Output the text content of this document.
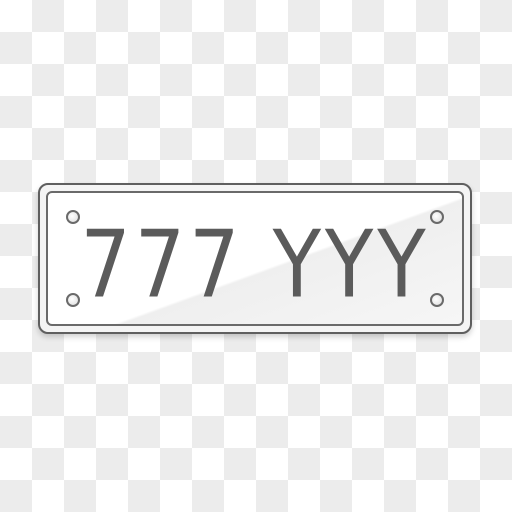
777 YYY
